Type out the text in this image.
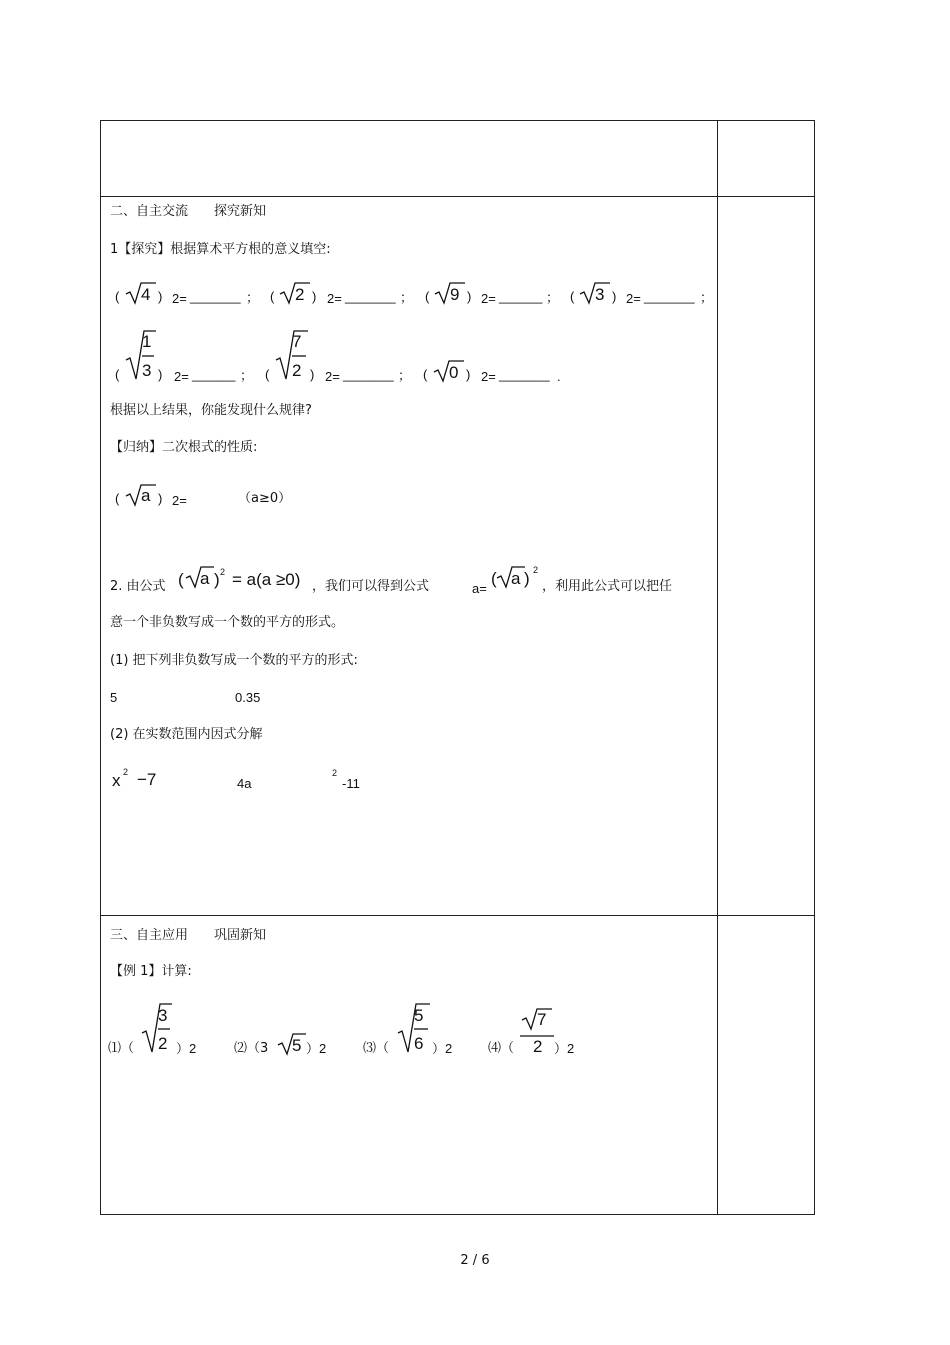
二、自主交流　　探究新知
1【探究】根据算术平方根的意义填空:
( 4 ) 2= _______ ； ( 2 ) 2= _______ ； ( 9 ) 2= ______ ； ( 3 ) 2= _______ ；
(
1
3 ) 2= ______ ； (
7
2 ) 2= _______ ； ( 0 ) 2= _______ .
根据以上结果，你能发现什么规律?
【归纳】二次根式的性质:
( a ) 2=	（a≥0）
2. 由公式 ( a ) 2 = a(a ≥0) ，我们可以得到公式	a=
( a ) 2
，利用此公式可以把任
意一个非负数写成一个数的平方的形式。
(1) 把下列非负数写成一个数的平方的形式:
5	0.35
(2) 在实数范围内因式分解
x 2 −7	4a
2
-11
三、自主应用　　巩固新知
【例 1】计算:
⑴（
3
2 ）2	⑵（3 5 ）2	⑶（
5
6 ）2	⑷（
7
2 ）2
2 / 6
